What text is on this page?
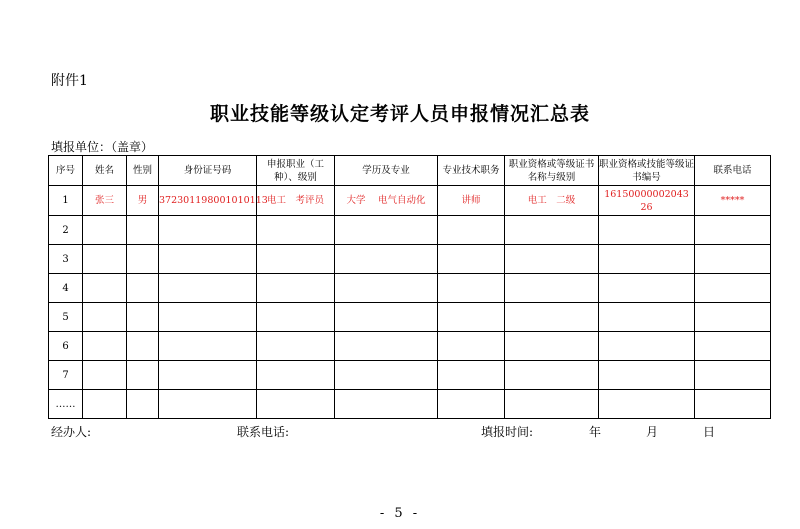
附件1
职业技能等级认定考评人员申报情况汇总表
填报单位：（盖章）
序号	姓名	性别	身份证号码	申报职业（工种）、级别	学历及专业	专业技术职务	职业资格或等级证书名称与级别	职业资格或技能等级证书编号	联系电话
1	张三	男	372301198001010113	电工　考评员	大学　 电气自动化	讲师	电工　二级	16150000002043​26	*****
2									
3									
4									
5									
6									
7									
……									
经办人:	联系电话:	填报时间:	年	月	日
- 5 -
